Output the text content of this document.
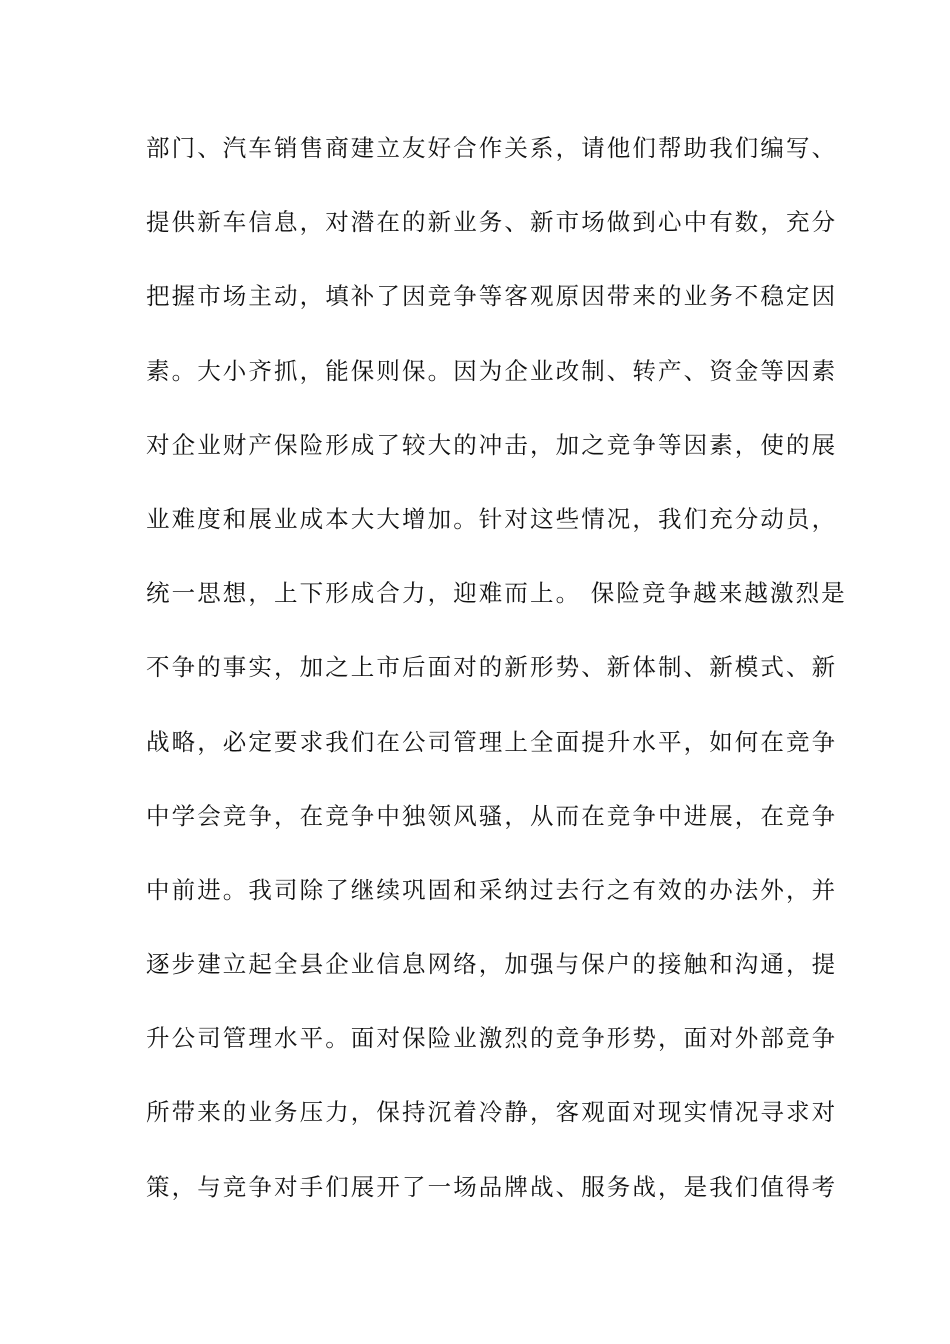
部门、汽车销售商建立友好合作关系，请他们帮助我们编写、
提供新车信息，对潜在的新业务、新市场做到心中有数，充分
把握市场主动，填补了因竞争等客观原因带来的业务不稳定因
素。大小齐抓，能保则保。因为企业改制、转产、资金等因素
对企业财产保险形成了较大的冲击，加之竞争等因素，使的展
业难度和展业成本大大增加。针对这些情况，我们充分动员，
统一思想，上下形成合力，迎难而上。 保险竞争越来越激烈是
不争的事实，加之上市后面对的新形势、新体制、新模式、新
战略，必定要求我们在公司管理上全面提升水平，如何在竞争
中学会竞争，在竞争中独领风骚，从而在竞争中进展，在竞争
中前进。我司除了继续巩固和采纳过去行之有效的办法外，并
逐步建立起全县企业信息网络，加强与保户的接触和沟通，提
升公司管理水平。面对保险业激烈的竞争形势，面对外部竞争
所带来的业务压力，保持沉着冷静，客观面对现实情况寻求对
策，与竞争对手们展开了一场品牌战、服务战，是我们值得考
